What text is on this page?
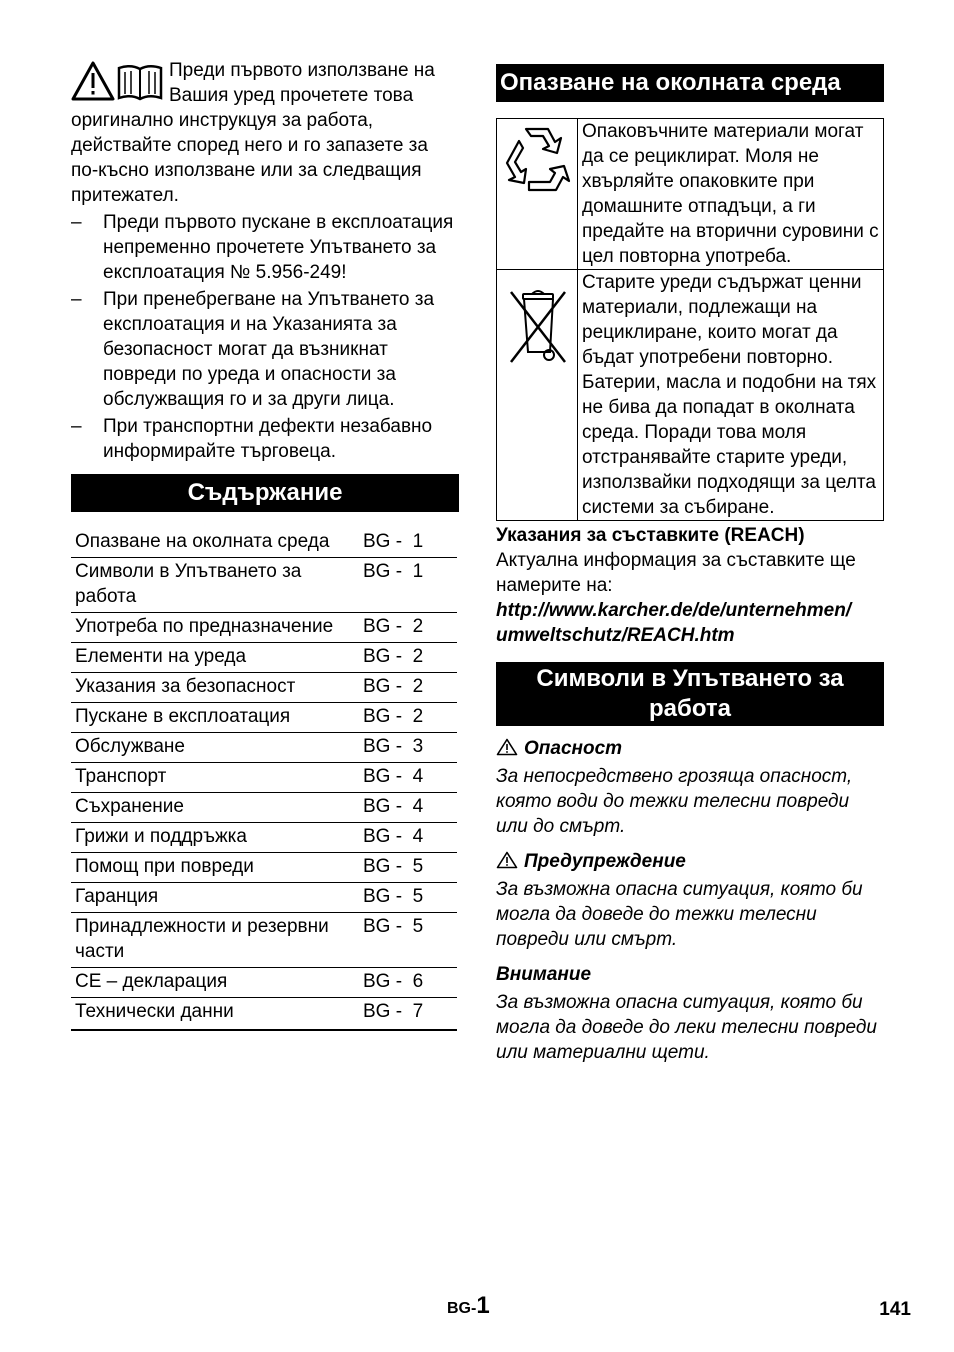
Преди първото използване на Вашия уред прочетете това оригинално инструкцуя за работа, действайте според него и го запазете за по-късно използване или за следващия притежател.

– Преди първото пускане в експлоатация непременно прочетете Упътването за експлоатация № 5.956-249!
– При пренебрегване на Упътването за експлоатация и на Указанията за безопасност могат да възникнат повреди по уреда и опасности за обслужващия го и за други лица.
– При транспортни дефекти незабавно информирайте търговеца.
Съдържание
Опазване на околната среда	BG -  1
Символи в Упътването за работа	BG -  1
Употреба по предназначение	BG -  2
Елементи на уреда	BG -  2
Указания за безопасност	BG -  2
Пускане в експлоатация	BG -  2
Обслужване	BG -  3
Транспорт	BG -  4
Съхранение	BG -  4
Грижи и поддръжка	BG -  4
Помощ при повреди	BG -  5
Гаранция	BG -  5
Принадлежности и резервни части	BG -  5
CE – декларация	BG -  6
Технически данни	BG -  7
Опазване на околната среда
	Опаковъчните материали могат да се рециклират. Моля не хвърляйте опаковките при домашните отпадъци, а ги предайте на вторични суровини с цел повторна употреба.
	Старите уреди съдържат ценни материали, подлежащи на рециклиране, които могат да бъдат употребени повторно. Батерии, масла и подобни на тях не бива да попадат в околната среда. Поради това моля отстранявайте старите уреди, използвайки подходящи за целта системи за събиране.
Указания за съставките (REACH)
Актуална информация за съставките ще намерите на:
http://www.karcher.de/de/unternehmen/
umweltschutz/REACH.htm
Символи в Упътването за работа
Опасност
За непосредствено грозяща опасност, която води до тежки телесни повреди или до смърт.
Предупреждение
За възможна опасна ситуация, която би могла да доведе до тежки телесни повреди или смърт.
Внимание
За възможна опасна ситуация, която би могла да доведе до леки телесни повреди или материални щети.
BG-1	141
